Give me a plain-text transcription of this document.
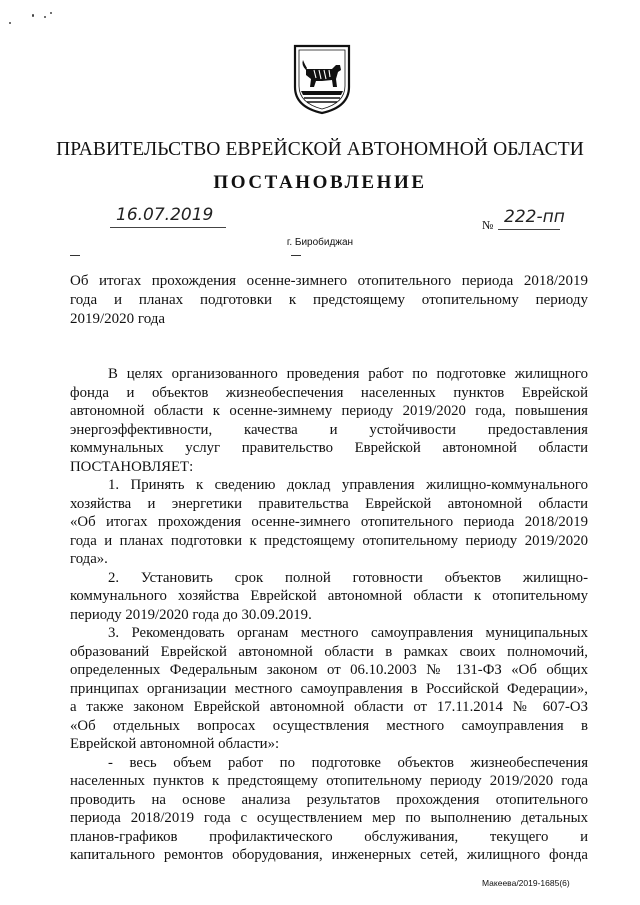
ПРАВИТЕЛЬСТВО ЕВРЕЙСКОЙ АВТОНОМНОЙ ОБЛАСТИ
ПОСТАНОВЛЕНИЕ
16.07.2019	№ 222-пп
г. Биробиджан
Об итогах прохождения осенне-зимнего отопительного периода 2018/2019
года и планах подготовки к предстоящему отопительному периоду
2019/2020 года
В целях организованного проведения работ по подготовке жилищного
фонда и объектов жизнеобеспечения населенных пунктов Еврейской
автономной области к осенне-зимнему периоду 2019/2020 года, повышения
энергоэффективности, качества и устойчивости предоставления
коммунальных услуг правительство Еврейской автономной области
ПОСТАНОВЛЯЕТ:
1. Принять к сведению доклад управления жилищно-коммунального
хозяйства и энергетики правительства Еврейской автономной области
«Об итогах прохождения осенне-зимнего отопительного периода 2018/2019
года и планах подготовки к предстоящему отопительному периоду 2019/2020
года».
2. Установить срок полной готовности объектов жилищно-
коммунального хозяйства Еврейской автономной области к отопительному
периоду 2019/2020 года до 30.09.2019.
3. Рекомендовать органам местного самоуправления муниципальных
образований Еврейской автономной области в рамках своих полномочий,
определенных Федеральным законом от 06.10.2003 № 131-ФЗ «Об общих
принципах организации местного самоуправления в Российской Федерации»,
а также законом Еврейской автономной области от 17.11.2014 № 607-ОЗ
«Об отдельных вопросах осуществления местного самоуправления в
Еврейской автономной области»:
- весь объем работ по подготовке объектов жизнеобеспечения
населенных пунктов к предстоящему отопительному периоду 2019/2020 года
проводить на основе анализа результатов прохождения отопительного
периода 2018/2019 года с осуществлением мер по выполнению детальных
планов-графиков профилактического обслуживания, текущего и
капитального ремонтов оборудования, инженерных сетей, жилищного фонда
Макеева/2019-1685(6)
